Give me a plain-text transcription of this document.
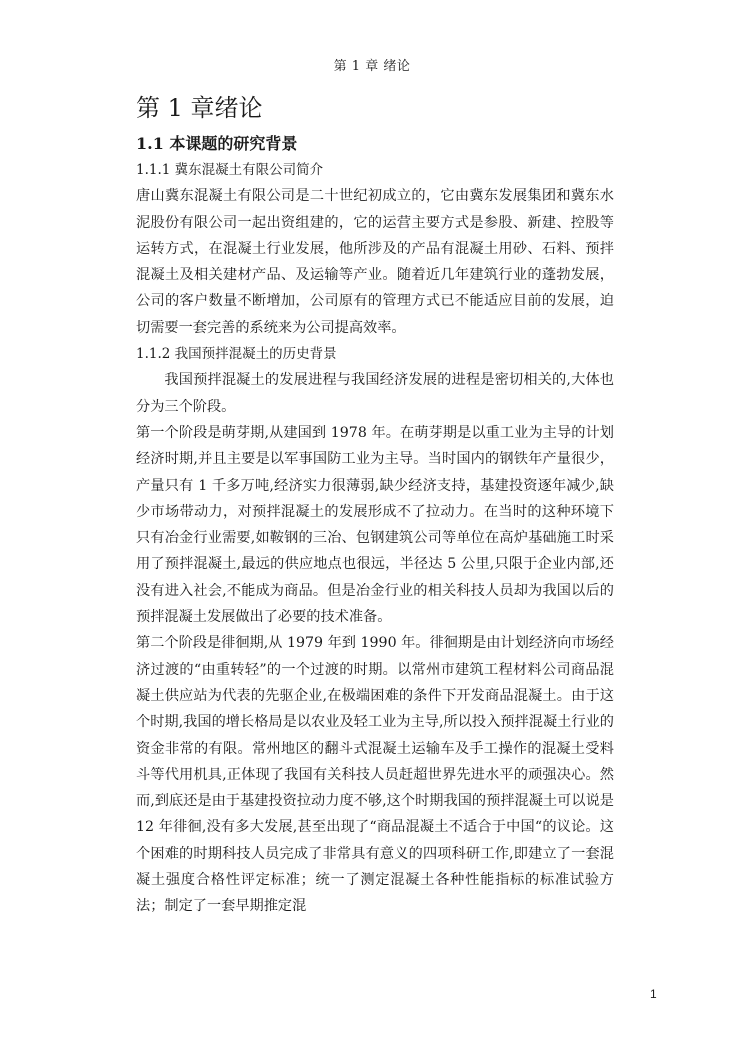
第 1 章 绪论
第 1 章绪论
1.1 本课题的研究背景

1.1.1 冀东混凝土有限公司简介

唐山冀东混凝土有限公司是二十世纪初成立的，它由冀东发展集团和冀东水泥股份有限公司一起出资组建的，它的运营主要方式是参股、新建、控股等运转方式，在混凝土行业发展，他所涉及的产品有混凝土用砂、石料、预拌混凝土及相关建材产品、及运输等产业。随着近几年建筑行业的蓬勃发展，公司的客户数量不断增加，公司原有的管理方式已不能适应目前的发展，迫切需要一套完善的系统来为公司提高效率。

1.1.2 我国预拌混凝土的历史背景

我国预拌混凝土的发展进程与我国经济发展的进程是密切相关的,大体也分为三个阶段。

第一个阶段是萌芽期,从建国到 1978 年。在萌芽期是以重工业为主导的计划经济时期,并且主要是以军事国防工业为主导。当时国内的钢铁年产量很少，产量只有 1 千多万吨,经济实力很薄弱,缺少经济支持，基建投资逐年减少,缺少市场带动力，对预拌混凝土的发展形成不了拉动力。在当时的这种环境下只有冶金行业需要,如鞍钢的三冶、包钢建筑公司等单位在高炉基础施工时采用了预拌混凝土,最远的供应地点也很远，半径达 5 公里,只限于企业内部,还没有进入社会,不能成为商品。但是冶金行业的相关科技人员却为我国以后的预拌混凝土发展做出了必要的技术准备。

第二个阶段是徘徊期,从 1979 年到 1990 年。徘徊期是由计划经济向市场经济过渡的“由重转轻”的一个过渡的时期。以常州市建筑工程材料公司商品混凝土供应站为代表的先驱企业,在极端困难的条件下开发商品混凝土。由于这个时期,我国的增长格局是以农业及轻工业为主导,所以投入预拌混凝土行业的资金非常的有限。常州地区的翻斗式混凝土运输车及手工操作的混凝土受料斗等代用机具,正体现了我国有关科技人员赶超世界先进水平的顽强决心。然而,到底还是由于基建投资拉动力度不够,这个时期我国的预拌混凝土可以说是 12 年徘徊,没有多大发展,甚至出现了“商品混凝土不适合于中国“的议论。这个困难的时期科技人员完成了非常具有意义的四项科研工作,即建立了一套混凝土强度合格性评定标准；统一了测定混凝土各种性能指标的标准试验方法；制定了一套早期推定混

1
